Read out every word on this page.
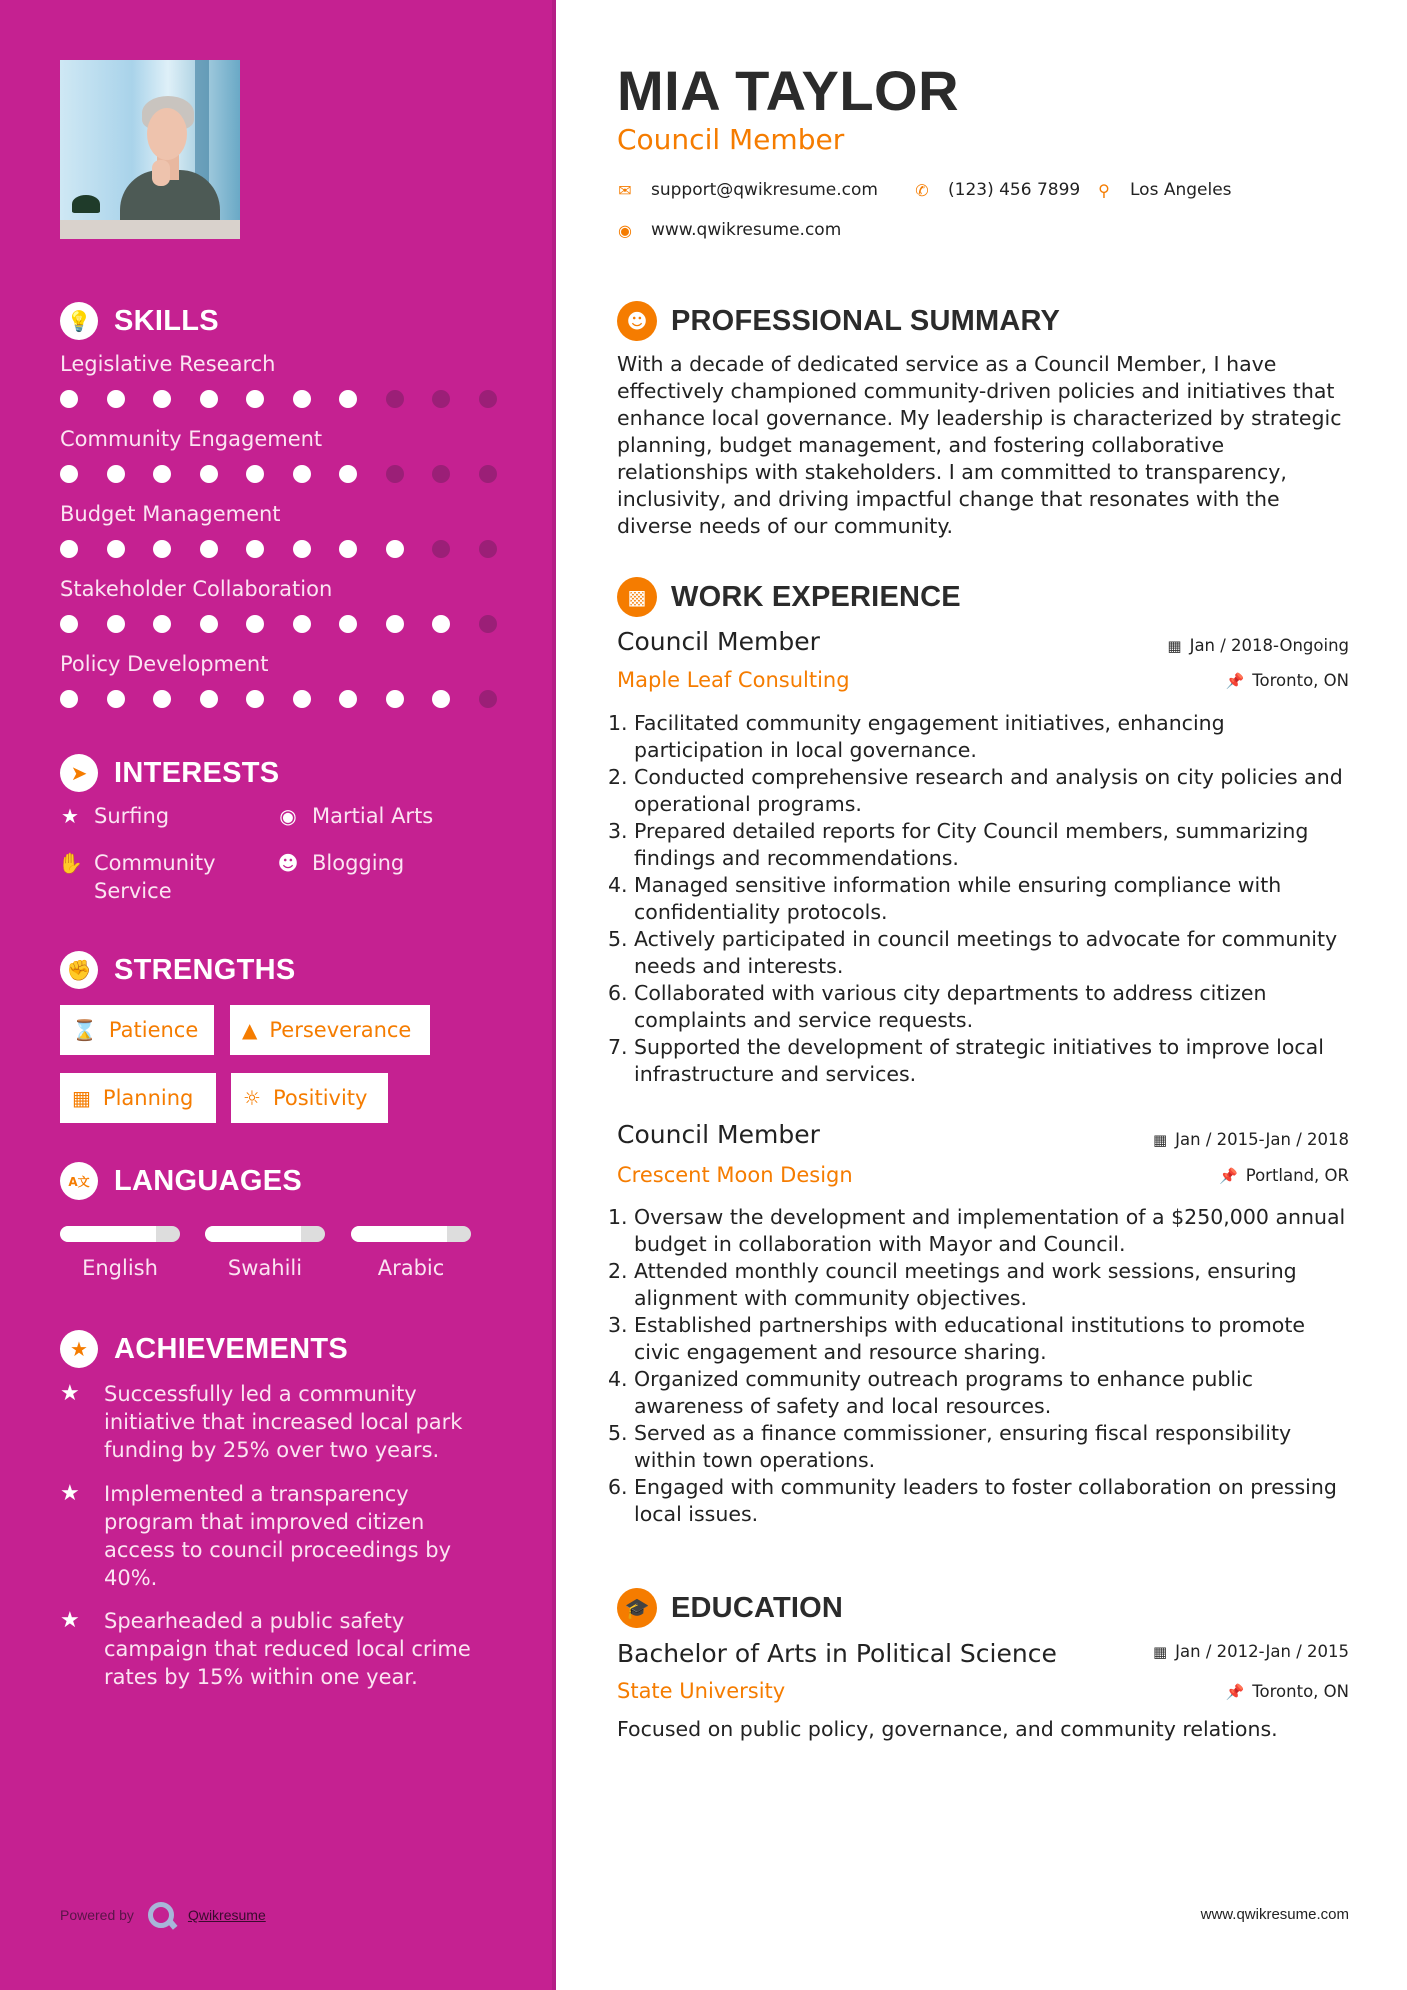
💡 SKILLS
Legislative Research
Community Engagement
Budget Management
Stakeholder Collaboration
Policy Development
➤ INTERESTS
★ Surfing	◉ Martial Arts
✋ Community Service
☻ Blogging
✊ STRENGTHS
⌛ Patience ▲ Perseverance
▦ Planning ☼ Positivity
A文 LANGUAGES
English	Swahili	Arabic
★ ACHIEVEMENTS
★	Successfully led a community initiative that increased local park funding by 25% over two years.
★	Implemented a transparency program that improved citizen access to council proceedings by 40%.
★	Spearheaded a public safety campaign that reduced local crime rates by 15% within one year.
Powered by	Qwikresume
MIA TAYLOR
Council Member
✉ support@qwikresume.com ✆ (123) 456 7899 ⚲ Los Angeles
◉ www.qwikresume.com
☻ PROFESSIONAL SUMMARY
With a decade of dedicated service as a Council Member, I have effectively championed community-driven policies and initiatives that enhance local governance. My leadership is characterized by strategic planning, budget management, and fostering collaborative relationships with stakeholders. I am committed to transparency, inclusivity, and driving impactful change that resonates with the diverse needs of our community.
▩ WORK EXPERIENCE
Council Member	▦ Jan / 2018-Ongoing
Maple Leaf Consulting	📌 Toronto, ON
1. Facilitated community engagement initiatives, enhancing participation in local governance.
2. Conducted comprehensive research and analysis on city policies and operational programs.
3. Prepared detailed reports for City Council members, summarizing findings and recommendations.
4. Managed sensitive information while ensuring compliance with confidentiality protocols.
5. Actively participated in council meetings to advocate for community needs and interests.
6. Collaborated with various city departments to address citizen complaints and service requests.
7. Supported the development of strategic initiatives to improve local infrastructure and services.
Council Member	▦ Jan / 2015-Jan / 2018
Crescent Moon Design	📌 Portland, OR
1. Oversaw the development and implementation of a $250,000 annual budget in collaboration with Mayor and Council.
2. Attended monthly council meetings and work sessions, ensuring alignment with community objectives.
3. Established partnerships with educational institutions to promote civic engagement and resource sharing.
4. Organized community outreach programs to enhance public awareness of safety and local resources.
5. Served as a finance commissioner, ensuring fiscal responsibility within town operations.
6. Engaged with community leaders to foster collaboration on pressing local issues.
🎓 EDUCATION
Bachelor of Arts in Political Science	▦ Jan / 2012-Jan / 2015
State University	📌 Toronto, ON
Focused on public policy, governance, and community relations.
www.qwikresume.com
